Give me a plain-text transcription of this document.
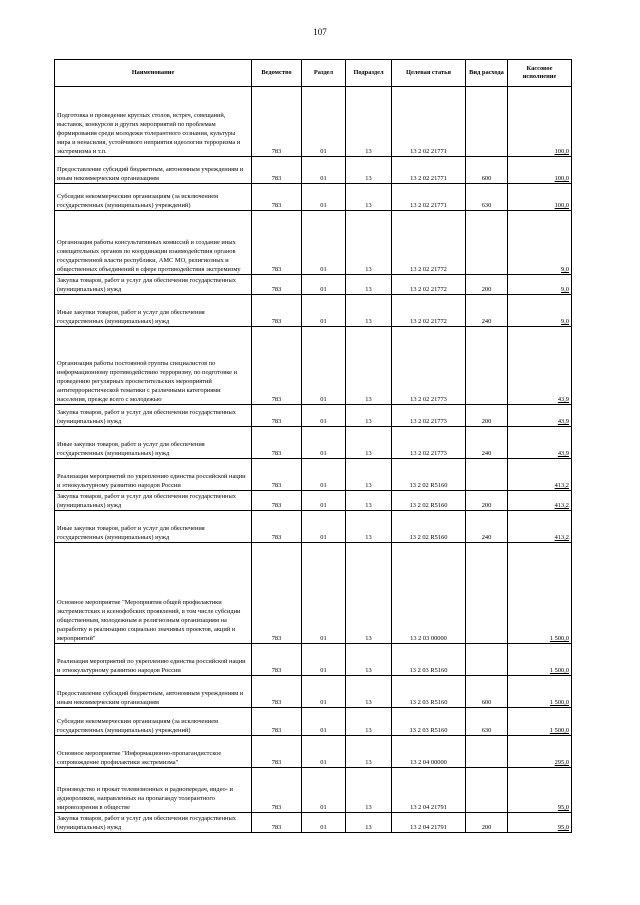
107
Наименование	Ведомство	Раздел	Подраздел	Целевая статья	Вид расхода	Кассовое исполнение
Подготовка и проведение круглых столов, встреч, совещаний, выставок, конкурсов и других мероприятий по проблемам формирования среди молодежи толерантного сознания, культуры мира и ненасилия, устойчивого неприятия идеологии терроризма и экстремизма и т.п.	783	01	13	13 2 02 21771		100,0
Предоставление субсидий бюджетным, автономным учреждениям и иным некоммерческим организациям	783	01	13	13 2 02 21771	600	100,0
Субсидии некоммерческим организациям (за исключением государственных (муниципальных) учреждений)	783	01	13	13 2 02 21771	630	100,0
Организация работы консультативных комиссий и создание иных совещательных органов по координации взаимодействия органов государственной власти республики, АМС МО, религиозных и общественных объединений в сфере противодействия экстремизму	783	01	13	13 2 02 21772		9,0
Закупка товаров, работ и услуг для обеспечения государственных (муниципальных) нужд	783	01	13	13 2 02 21772	200	9,0
Иные закупки товаров, работ и услуг для обеспечения государственных (муниципальных) нужд	783	01	13	13 2 02 21772	240	9,0
Организация работы постоянной группы специалистов по информационному противодействию терроризму, по подготовке и проведению регулярных просветительских мероприятий антитеррористической тематики с различными категориями населения, прежде всего с молодежью	783	01	13	13 2 02 21773		43,9
Закупка товаров, работ и услуг для обеспечения государственных (муниципальных) нужд	783	01	13	13 2 02 21773	200	43,9
Иные закупки товаров, работ и услуг для обеспечения государственных (муниципальных) нужд	783	01	13	13 2 02 21773	240	43,9
Реализация мероприятий по укреплению единства российской нации и этнокультурному развитию народов России	783	01	13	13 2 02 R5160		413,2
Закупка товаров, работ и услуг для обеспечения государственных (муниципальных) нужд	783	01	13	13 2 02 R5160	200	413,2
Иные закупки товаров, работ и услуг для обеспечения государственных (муниципальных) нужд	783	01	13	13 2 02 R5160	240	413,2
Основное мероприятие "Мероприятия общей профилактики экстремистских и ксенофобских проявлений, в том числе субсидии общественным, молодежным и религиозным организациям на разработку и реализацию социально значимых проектов, акций и мероприятий"	783	01	13	13 2 03 00000		1 500,0
Реализация мероприятий по укреплению единства российской нации и этнокультурному развитию народов России	783	01	13	13 2 03 R5160		1 500,0
Предоставление субсидий бюджетным, автономным учреждениям и иным некоммерческим организациям	783	01	13	13 2 03 R5160	600	1 500,0
Субсидии некоммерческим организациям (за исключением государственных (муниципальных) учреждений)	783	01	13	13 2 03 R5160	630	1 500,0
Основное мероприятие "Информационно-пропагандистское сопровождение профилактики экстремизма"	783	01	13	13 2 04 00000		295,0
Производство и прокат телевизионных и радиопередач, видео- и аудиороликов, направленных на пропаганду толерантного мировоззрения в обществе	783	01	13	13 2 04 21791		95,0
Закупка товаров, работ и услуг для обеспечения государственных (муниципальных) нужд	783	01	13	13 2 04 21791	200	95,0
